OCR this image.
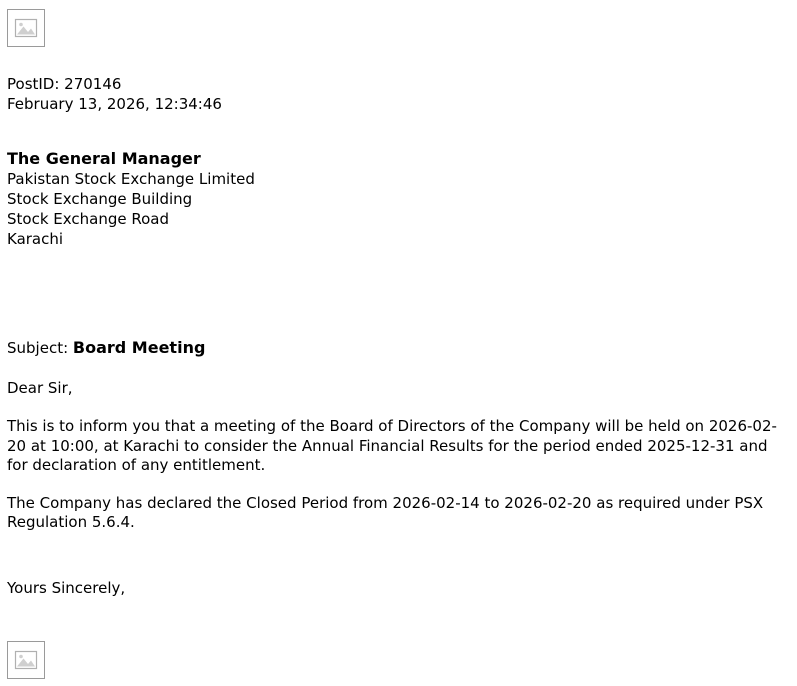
PostID: 270146
February 13, 2026, 12:34:46
The General Manager
Pakistan Stock Exchange Limited
Stock Exchange Building
Stock Exchange Road
Karachi
Subject: Board Meeting
Dear Sir,
This is to inform you that a meeting of the Board of Directors of the Company will be held on 2026-02-20 at 10:00, at Karachi to consider the Annual Financial Results for the period ended 2025-12-31 and for declaration of any entitlement.
The Company has declared the Closed Period from 2026-02-14 to 2026-02-20 as required under PSX Regulation 5.6.4.
Yours Sincerely,
